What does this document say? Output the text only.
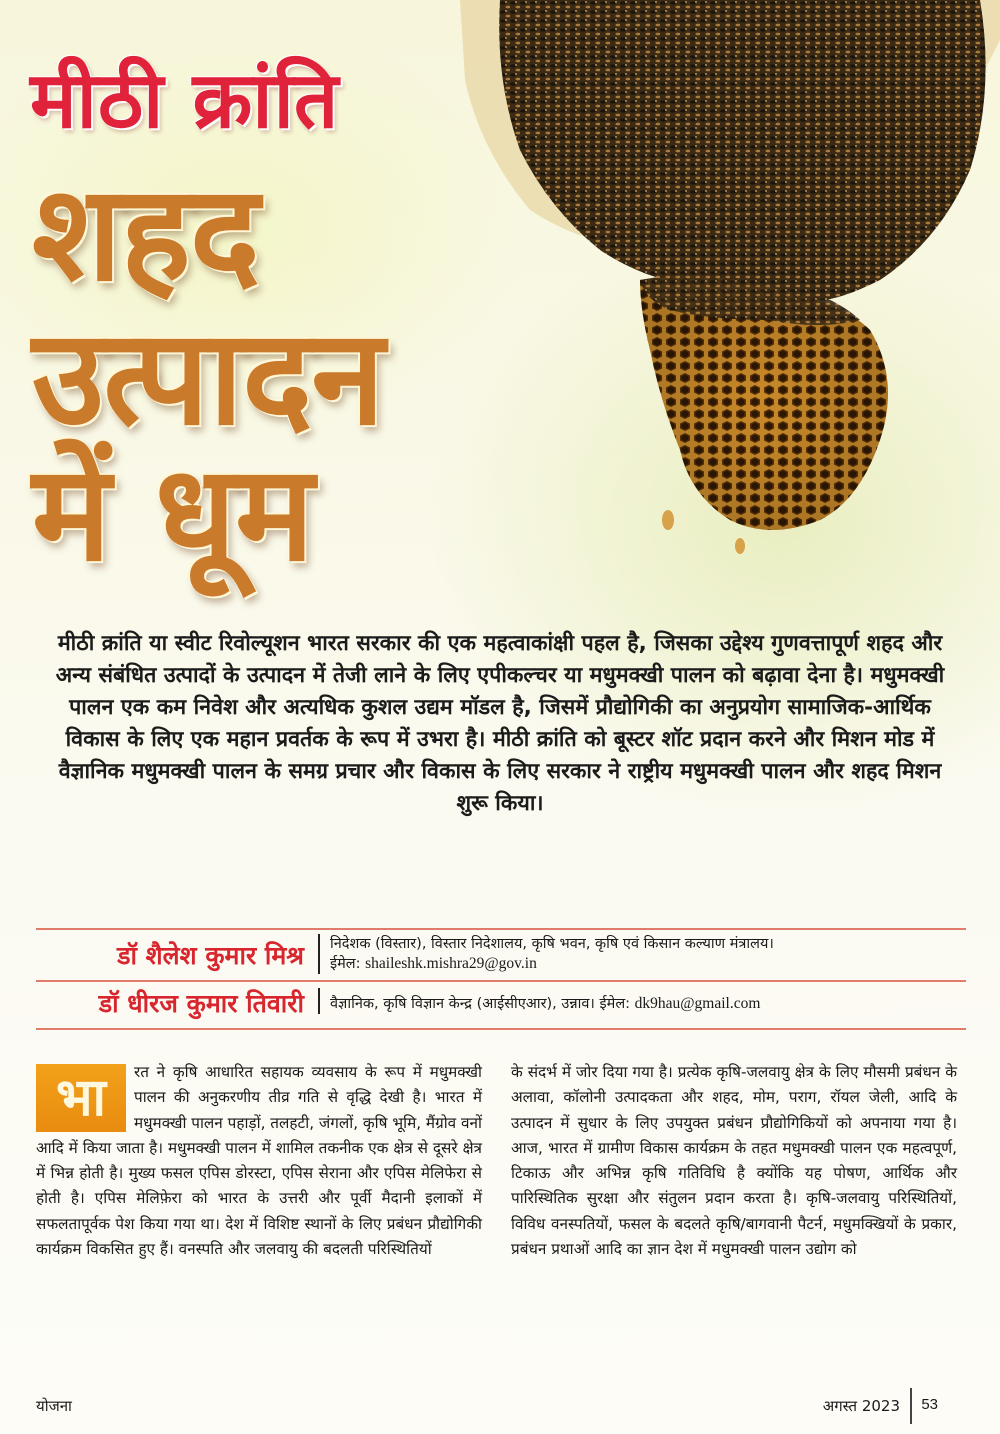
मीठी क्रांति
शहद
उत्पादन
में धूम
मीठी क्रांति या स्वीट रिवोल्यूशन भारत सरकार की एक महत्वाकांक्षी पहल है, जिसका उद्देश्य गुणवत्तापूर्ण शहद और अन्य संबंधित उत्पादों के उत्पादन में तेजी लाने के लिए एपीकल्चर या मधुमक्खी पालन को बढ़ावा देना है। मधुमक्खी पालन एक कम निवेश और अत्यधिक कुशल उद्यम मॉडल है, जिसमें प्रौद्योगिकी का अनुप्रयोग सामाजिक-आर्थिक विकास के लिए एक महान प्रवर्तक के रूप में उभरा है। मीठी क्रांति को बूस्टर शॉट प्रदान करने और मिशन मोड में वैज्ञानिक मधुमक्खी पालन के समग्र प्रचार और विकास के लिए सरकार ने राष्ट्रीय मधुमक्खी पालन और शहद मिशन शुरू किया।
डॉ शैलेश कुमार मिश्र	निदेशक (विस्तार), विस्तार निदेशालय, कृषि भवन, कृषि एवं किसान कल्याण मंत्रालय।
ईमेल: shaileshk.mishra29@gov.in
डॉ धीरज कुमार तिवारी	वैज्ञानिक, कृषि विज्ञान केन्द्र (आईसीएआर), उन्नाव। ईमेल: dk9hau@gmail.com
भा	रत ने कृषि आधारित सहायक व्यवसाय के रूप में मधुमक्खी पालन की अनुकरणीय तीव्र गति से वृद्धि देखी है। भारत में मधुमक्खी पालन पहाड़ों, तलहटी, जंगलों, कृषि भूमि, मैंग्रोव वनों आदि में किया जाता है। मधुमक्खी पालन में शामिल तकनीक एक क्षेत्र से दूसरे क्षेत्र में भिन्न होती है। मुख्य फसल एपिस डोरस्टा, एपिस सेराना और एपिस मेलिफेरा से होती है। एपिस मेलिफ़ेरा को भारत के उत्तरी और पूर्वी मैदानी इलाकों में सफलतापूर्वक पेश किया गया था। देश में विशिष्ट स्थानों के लिए प्रबंधन प्रौद्योगिकी कार्यक्रम विकसित हुए हैं। वनस्पति और जलवायु की बदलती परिस्थितियों

के संदर्भ में जोर दिया गया है। प्रत्येक कृषि-जलवायु क्षेत्र के लिए मौसमी प्रबंधन के अलावा, कॉलोनी उत्पादकता और शहद, मोम, पराग, रॉयल जेली, आदि के उत्पादन में सुधार के लिए उपयुक्त प्रबंधन प्रौद्योगिकियों को अपनाया गया है। आज, भारत में ग्रामीण विकास कार्यक्रम के तहत मधुमक्खी पालन एक महत्वपूर्ण, टिकाऊ और अभिन्न कृषि गतिविधि है क्योंकि यह पोषण, आर्थिक और पारिस्थितिक सुरक्षा और संतुलन प्रदान करता है। कृषि-जलवायु परिस्थितियों, विविध वनस्पतियों, फसल के बदलते कृषि/बागवानी पैटर्न, मधुमक्खियों के प्रकार, प्रबंधन प्रथाओं आदि का ज्ञान देश में मधुमक्खी पालन उद्योग को

योजना	अगस्त 2023 53
